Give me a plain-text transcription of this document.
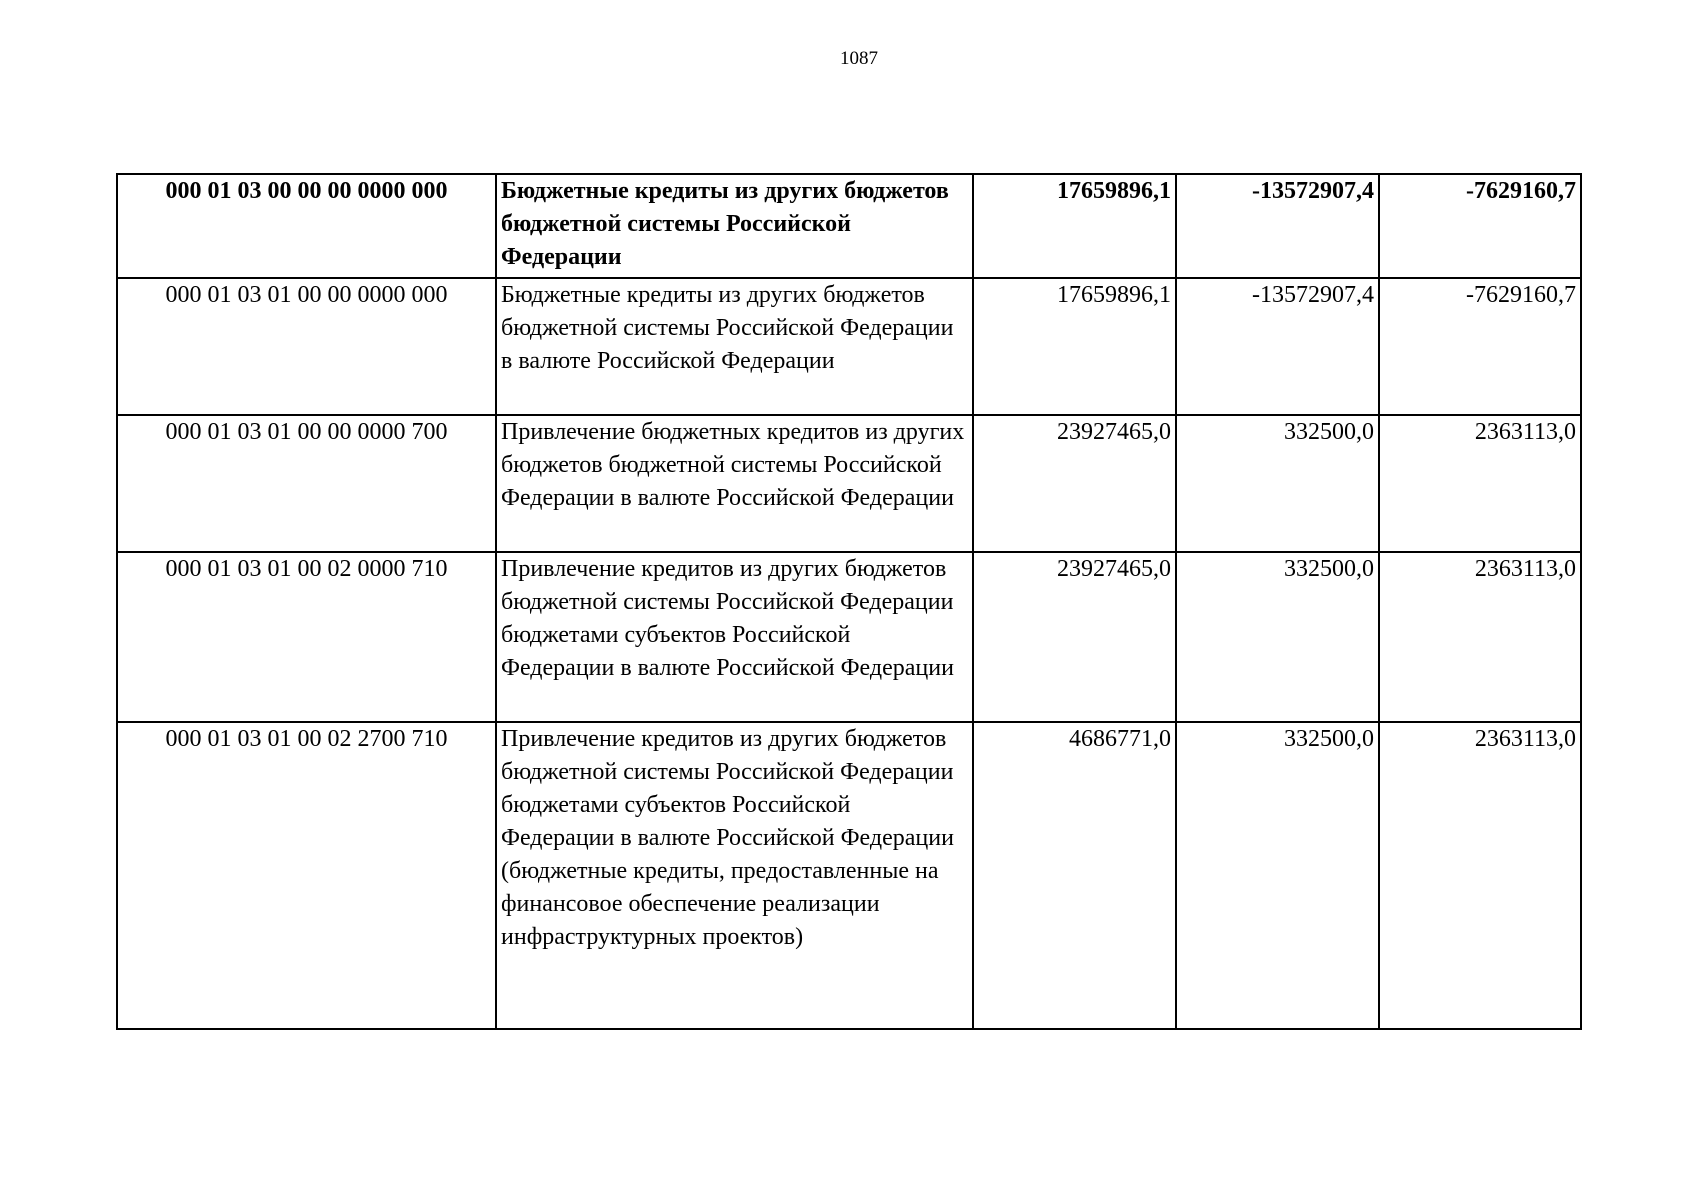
1087
000 01 03 00 00 00 0000 000	Бюджетные кредиты из других бюджетов бюджетной системы Российской Федерации	17659896,1	-13572907,4	-7629160,7
000 01 03 01 00 00 0000 000	Бюджетные кредиты из других бюджетов бюджетной системы Российской Федерации в валюте Российской Федерации	17659896,1	-13572907,4	-7629160,7
000 01 03 01 00 00 0000 700	Привлечение бюджетных кредитов из других бюджетов бюджетной системы Российской Федерации в валюте Российской Федерации	23927465,0	332500,0	2363113,0
000 01 03 01 00 02 0000 710	Привлечение кредитов из других бюджетов бюджетной системы Российской Федерации бюджетами субъектов Российской Федерации в валюте Российской Федерации	23927465,0	332500,0	2363113,0
000 01 03 01 00 02 2700 710	Привлечение кредитов из других бюджетов бюджетной системы Российской Федерации бюджетами субъектов Российской Федерации в валюте Российской Федерации (бюджетные кредиты, предоставленные на финансовое обеспечение реализации инфраструктурных проектов)	4686771,0	332500,0	2363113,0
